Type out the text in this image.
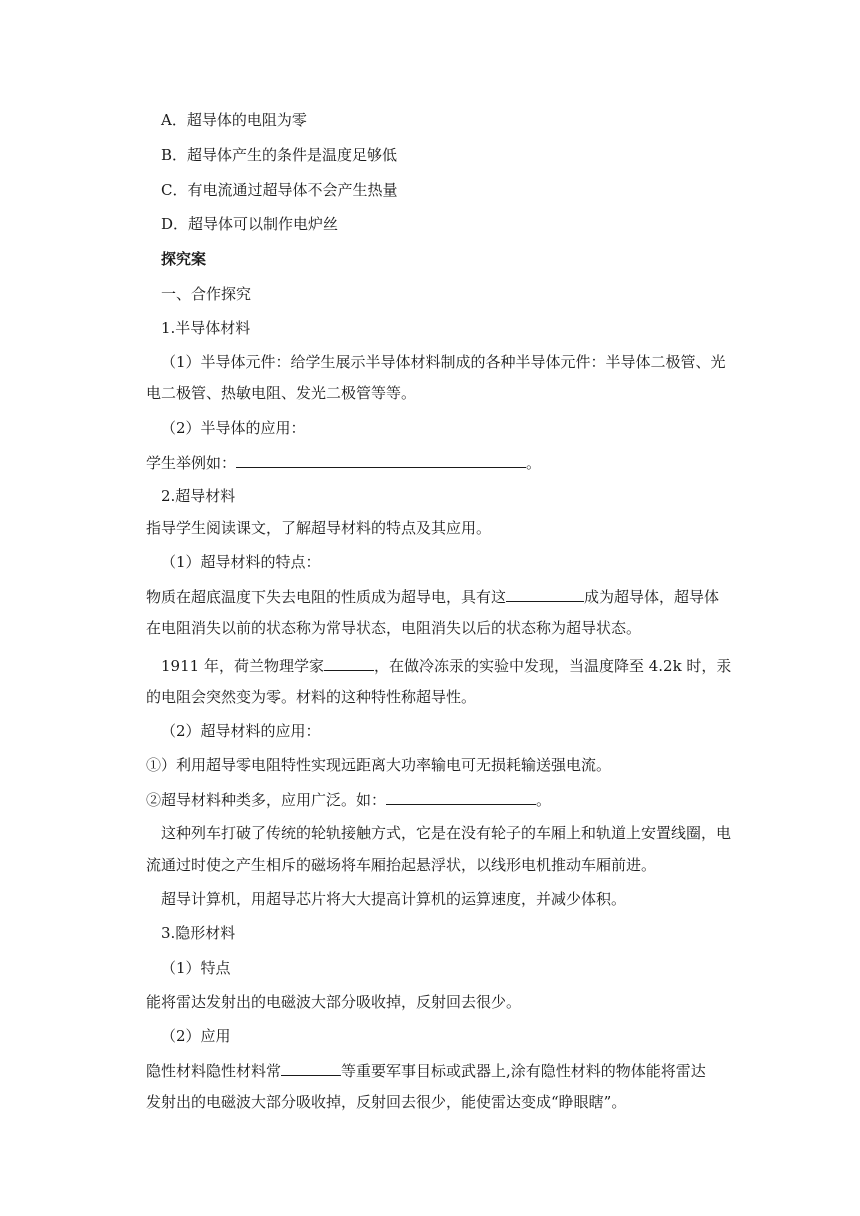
A．超导体的电阻为零

B．超导体产生的条件是温度足够低

C．有电流通过超导体不会产生热量

D．超导体可以制作电炉丝

探究案

一、合作探究

1.半导体材料

（1）半导体元件：给学生展示半导体材料制成的各种半导体元件：半导体二极管、光

电二极管、热敏电阻、发光二极管等等。

（2）半导体的应用：

学生举例如：	。

2.超导材料

指导学生阅读课文，了解超导材料的特点及其应用。

（1）超导材料的特点：

物质在超底温度下失去电阻的性质成为超导电，具有这	成为超导体，超导体

在电阻消失以前的状态称为常导状态，电阻消失以后的状态称为超导状态。

1911 年，荷兰物理学家	，在做冷冻汞的实验中发现，当温度降至 4.2k 时，汞

的电阻会突然变为零。材料的这种特性称超导性。

（2）超导材料的应用：

①）利用超导零电阻特性实现远距离大功率输电可无损耗输送强电流。

②超导材料种类多，应用广泛。如：	。

这种列车打破了传统的轮轨接触方式，它是在没有轮子的车厢上和轨道上安置线圈，电

流通过时使之产生相斥的磁场将车厢抬起悬浮状，以线形电机推动车厢前进。

超导计算机，用超导芯片将大大提高计算机的运算速度，并减少体积。

3.隐形材料

（1）特点

能将雷达发射出的电磁波大部分吸收掉，反射回去很少。

（2）应用

隐性材料隐性材料常	等重要军事目标或武器上,涂有隐性材料的物体能将雷达

发射出的电磁波大部分吸收掉，反射回去很少，能使雷达变成“睁眼瞎”。
